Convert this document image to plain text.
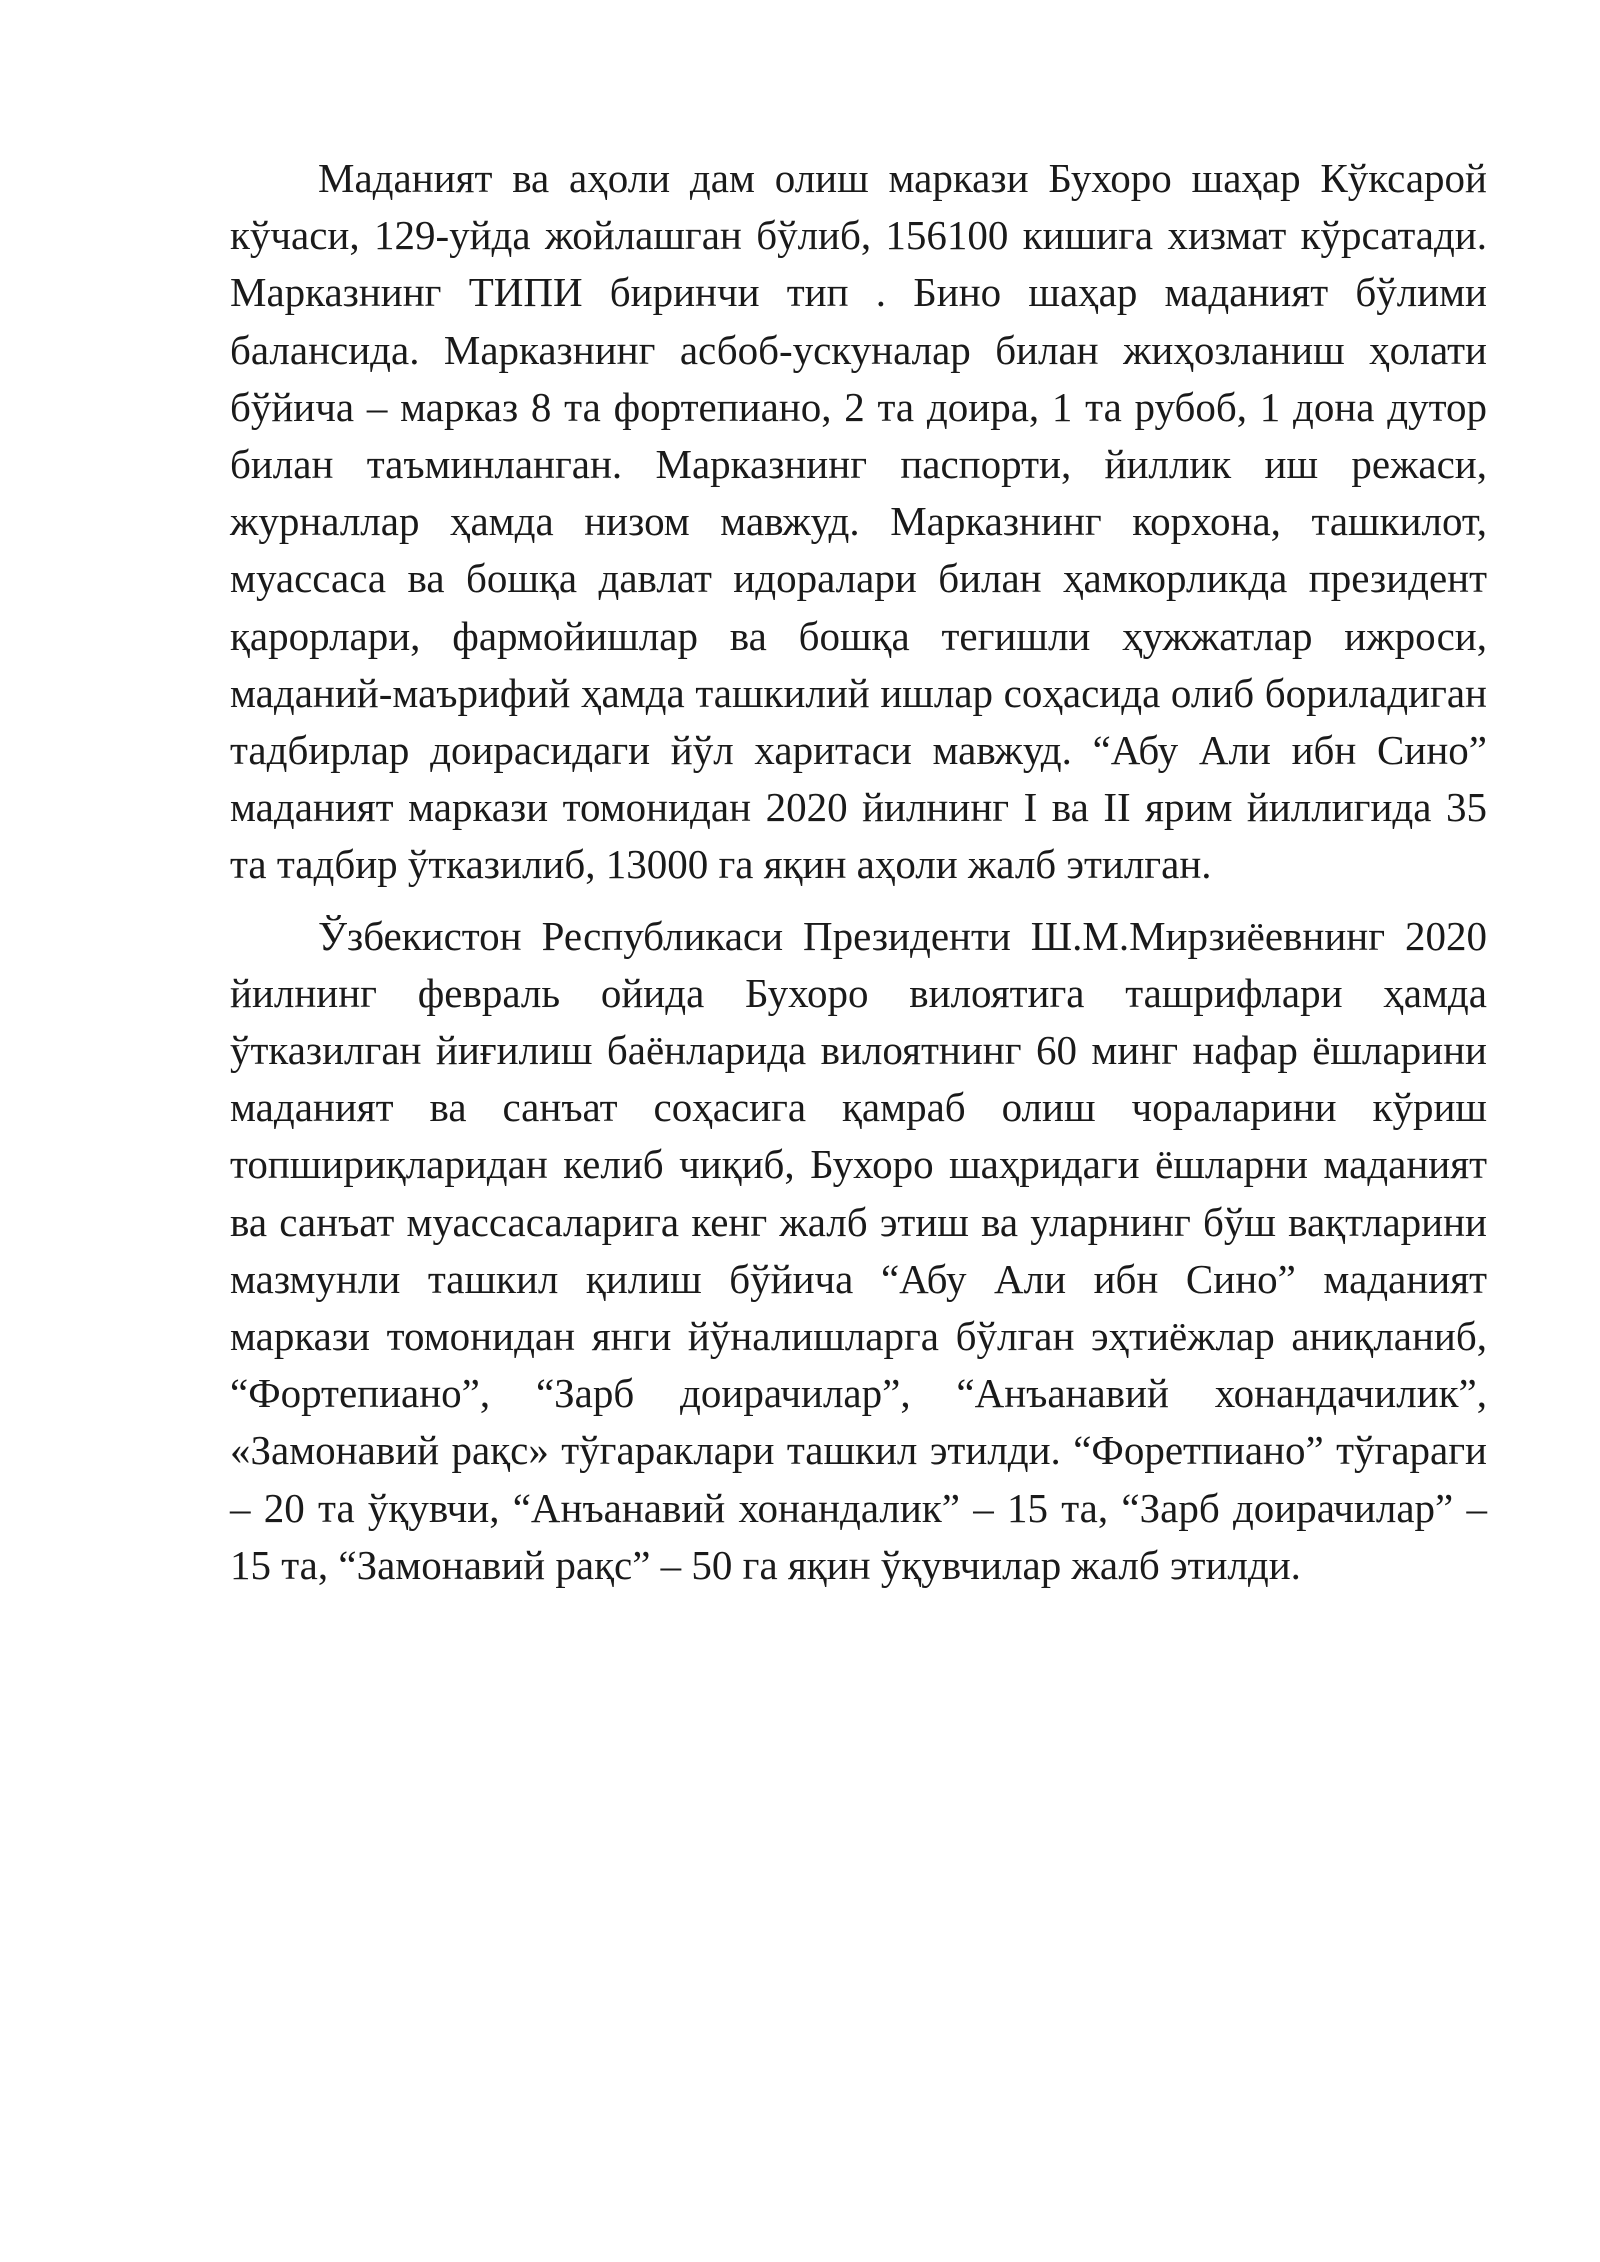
Маданият ва аҳоли дам олиш маркази Бухоро шаҳар Кўксарой кўчаси, 129-уйда жойлашган бўлиб, 156100 кишига хизмат кўрсатади. Марказнинг ТИПИ биринчи тип . Бино шаҳар маданият бўлими балансида. Марказнинг асбоб-ускуналар билан жиҳозланиш ҳолати бўйича – марказ 8 та фортепиано, 2 та доира, 1 та рубоб, 1 дона дутор билан таъминланган. Марказнинг паспорти, йиллик иш режаси, журналлар ҳамда низом мавжуд. Марказнинг корхона, ташкилот, муассаса ва бошқа давлат идоралари билан ҳамкорликда президент қарорлари, фармойишлар ва бошқа тегишли ҳужжатлар ижроси, маданий-маърифий ҳамда ташкилий ишлар соҳасида олиб бориладиган тадбирлар доирасидаги йўл харитаси мавжуд. “Абу Али ибн Сино” маданият маркази томонидан 2020 йилнинг I ва II ярим йиллигида 35 та тадбир ўтказилиб, 13000 га яқин аҳоли жалб этилган.

Ўзбекистон Республикаси Президенти Ш.М.Мирзиёевнинг 2020 йилнинг февраль ойида Бухоро вилоятига ташрифлари ҳамда ўтказилган йиғилиш баёнларида вилоятнинг 60 минг нафар ёшларини маданият ва санъат соҳасига қамраб олиш чораларини кўриш топшириқларидан келиб чиқиб, Бухоро шаҳридаги ёшларни маданият ва санъат муассасаларига кенг жалб этиш ва уларнинг бўш вақтларини мазмунли ташкил қилиш бўйича “Абу Али ибн Сино” маданият маркази томонидан янги йўналишларга бўлган эҳтиёжлар аниқланиб, “Фортепиано”, “Зарб доирачилар”, “Анъанавий хонандачилик”, «Замонавий рақс» тўгараклари ташкил этилди. “Форетпиано” тўгараги – 20 та ўқувчи, “Анъанавий хонандалик” – 15 та, “Зарб доирачилар” – 15 та, “Замонавий рақс” – 50 га яқин ўқувчилар жалб этилди.
